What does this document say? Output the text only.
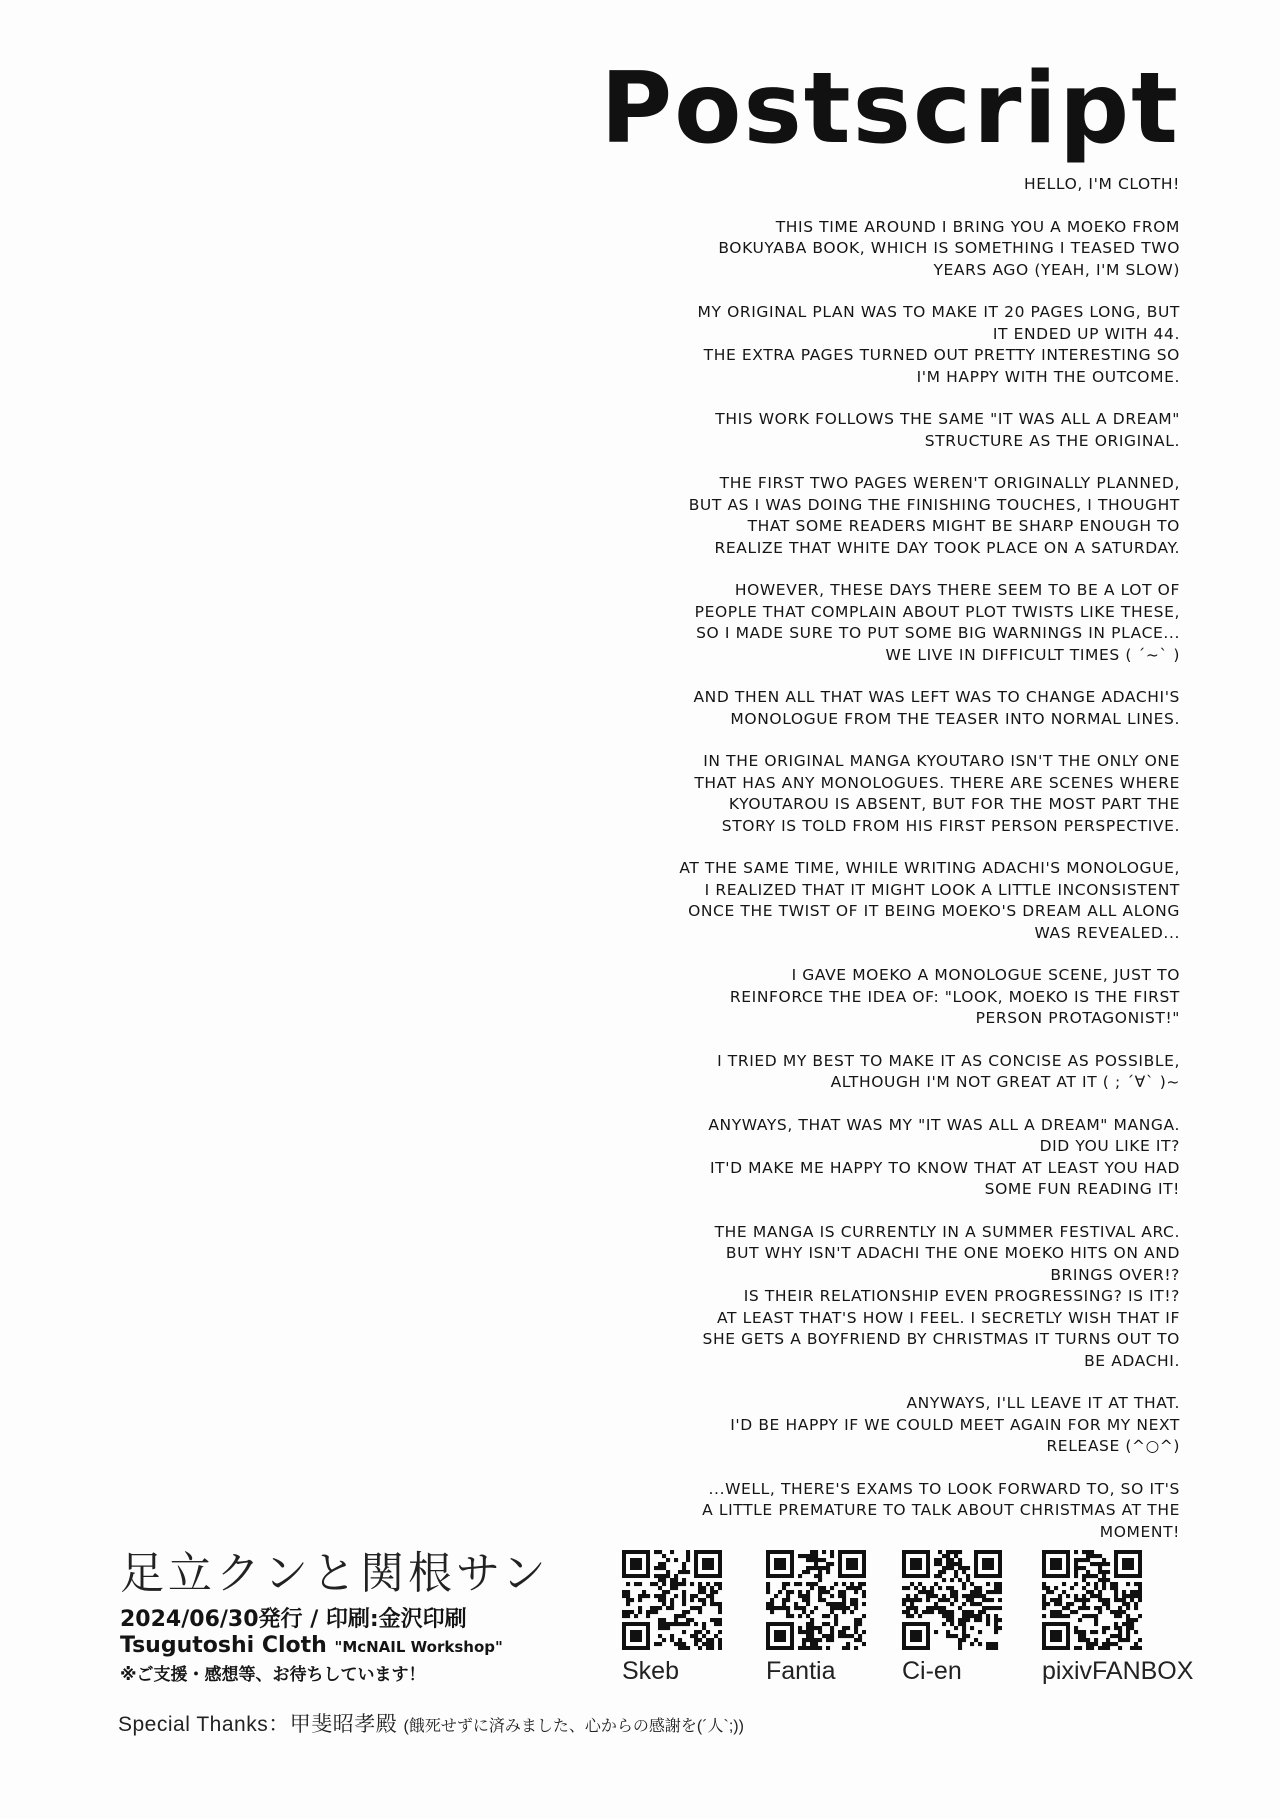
Postscript

HELLO, I'M CLOTH!

THIS TIME AROUND I BRING YOU A MOEKO FROM
BOKUYABA BOOK, WHICH IS SOMETHING I TEASED TWO
YEARS AGO (YEAH, I'M SLOW)

MY ORIGINAL PLAN WAS TO MAKE IT 20 PAGES LONG, BUT
IT ENDED UP WITH 44.
THE EXTRA PAGES TURNED OUT PRETTY INTERESTING SO
I'M HAPPY WITH THE OUTCOME.

THIS WORK FOLLOWS THE SAME "IT WAS ALL A DREAM"
STRUCTURE AS THE ORIGINAL.

THE FIRST TWO PAGES WEREN'T ORIGINALLY PLANNED,
BUT AS I WAS DOING THE FINISHING TOUCHES, I THOUGHT
THAT SOME READERS MIGHT BE SHARP ENOUGH TO
REALIZE THAT WHITE DAY TOOK PLACE ON A SATURDAY.

HOWEVER, THESE DAYS THERE SEEM TO BE A LOT OF
PEOPLE THAT COMPLAIN ABOUT PLOT TWISTS LIKE THESE,
SO I MADE SURE TO PUT SOME BIG WARNINGS IN PLACE...
WE LIVE IN DIFFICULT TIMES ( ´~` )

AND THEN ALL THAT WAS LEFT WAS TO CHANGE ADACHI'S
MONOLOGUE FROM THE TEASER INTO NORMAL LINES.

IN THE ORIGINAL MANGA KYOUTARO ISN'T THE ONLY ONE
THAT HAS ANY MONOLOGUES. THERE ARE SCENES WHERE
KYOUTAROU IS ABSENT, BUT FOR THE MOST PART THE
STORY IS TOLD FROM HIS FIRST PERSON PERSPECTIVE.

AT THE SAME TIME, WHILE WRITING ADACHI'S MONOLOGUE,
I REALIZED THAT IT MIGHT LOOK A LITTLE INCONSISTENT
ONCE THE TWIST OF IT BEING MOEKO'S DREAM ALL ALONG
WAS REVEALED...

I GAVE MOEKO A MONOLOGUE SCENE, JUST TO
REINFORCE THE IDEA OF: "LOOK, MOEKO IS THE FIRST
PERSON PROTAGONIST!"

I TRIED MY BEST TO MAKE IT AS CONCISE AS POSSIBLE,
ALTHOUGH I'M NOT GREAT AT IT ( ; ´∀` )~

ANYWAYS, THAT WAS MY "IT WAS ALL A DREAM" MANGA.
DID YOU LIKE IT?
IT'D MAKE ME HAPPY TO KNOW THAT AT LEAST YOU HAD
SOME FUN READING IT!

THE MANGA IS CURRENTLY IN A SUMMER FESTIVAL ARC.
BUT WHY ISN'T ADACHI THE ONE MOEKO HITS ON AND
BRINGS OVER!?
IS THEIR RELATIONSHIP EVEN PROGRESSING? IS IT!?
AT LEAST THAT'S HOW I FEEL. I SECRETLY WISH THAT IF
SHE GETS A BOYFRIEND BY CHRISTMAS IT TURNS OUT TO
BE ADACHI.

ANYWAYS, I'LL LEAVE IT AT THAT.
I'D BE HAPPY IF WE COULD MEET AGAIN FOR MY NEXT
RELEASE (^○^)

...WELL, THERE'S EXAMS TO LOOK FORWARD TO, SO IT'S
A LITTLE PREMATURE TO TALK ABOUT CHRISTMAS AT THE
MOMENT!

足立クンと関根サン
2024/06/30発行 / 印刷:金沢印刷
Tsugutoshi Cloth "McNAIL Workshop"
※ご支援・感想等、お待ちしています！	Skeb	Fantia	Ci-en	pixivFANBOX
Special Thanks：甲斐昭孝殿 (餓死せずに済みました、心からの感謝を(´人`;))
